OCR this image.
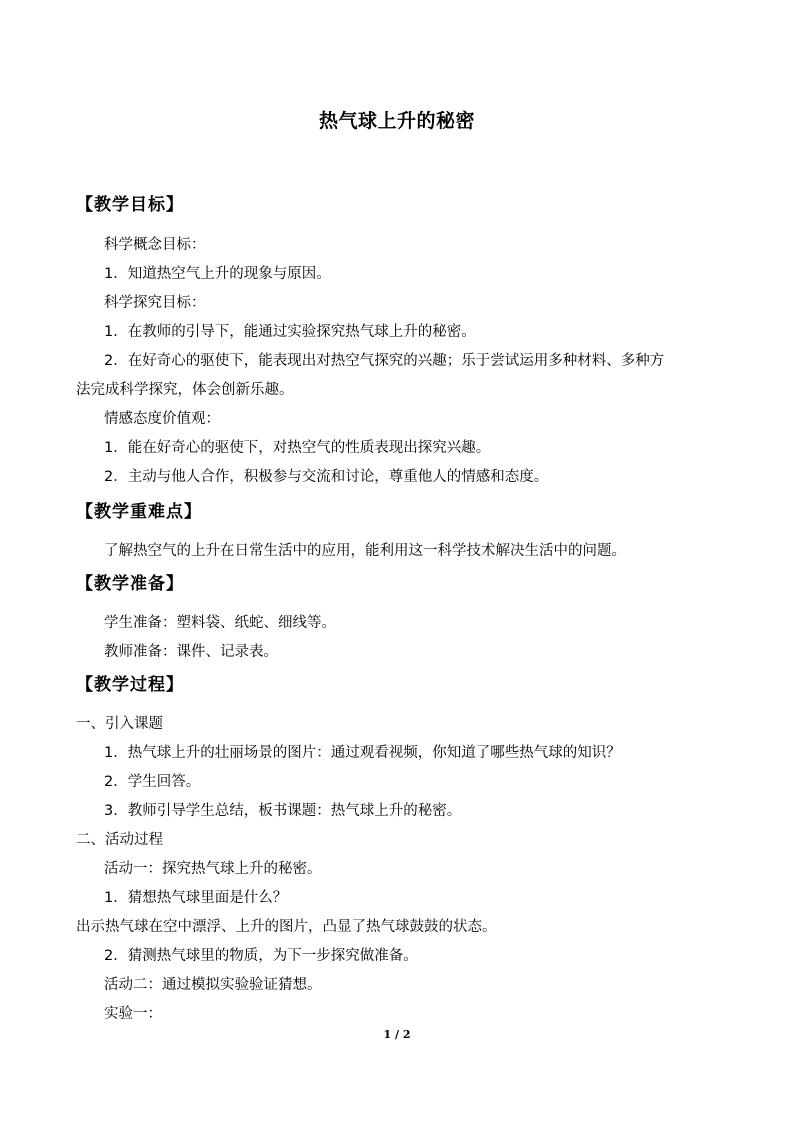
热气球上升的秘密
【教学目标】
科学概念目标：
1．知道热空气上升的现象与原因。
科学探究目标：
1．在教师的引导下，能通过实验探究热气球上升的秘密。
2．在好奇心的驱使下，能表现出对热空气探究的兴趣；乐于尝试运用多种材料、多种方
法完成科学探究，体会创新乐趣。
情感态度价值观：
1．能在好奇心的驱使下，对热空气的性质表现出探究兴趣。
2．主动与他人合作，积极参与交流和讨论，尊重他人的情感和态度。
【教学重难点】
了解热空气的上升在日常生活中的应用，能利用这一科学技术解决生活中的问题。
【教学准备】
学生准备：塑料袋、纸蛇、细线等。
教师准备：课件、记录表。
【教学过程】
一、引入课题
1．热气球上升的壮丽场景的图片：通过观看视频，你知道了哪些热气球的知识？
2．学生回答。
3．教师引导学生总结，板书课题：热气球上升的秘密。
二、活动过程
活动一：探究热气球上升的秘密。
1．猜想热气球里面是什么？
出示热气球在空中漂浮、上升的图片，凸显了热气球鼓鼓的状态。
2．猜测热气球里的物质，为下一步探究做准备。
活动二：通过模拟实验验证猜想。
实验一：
1 / 2
